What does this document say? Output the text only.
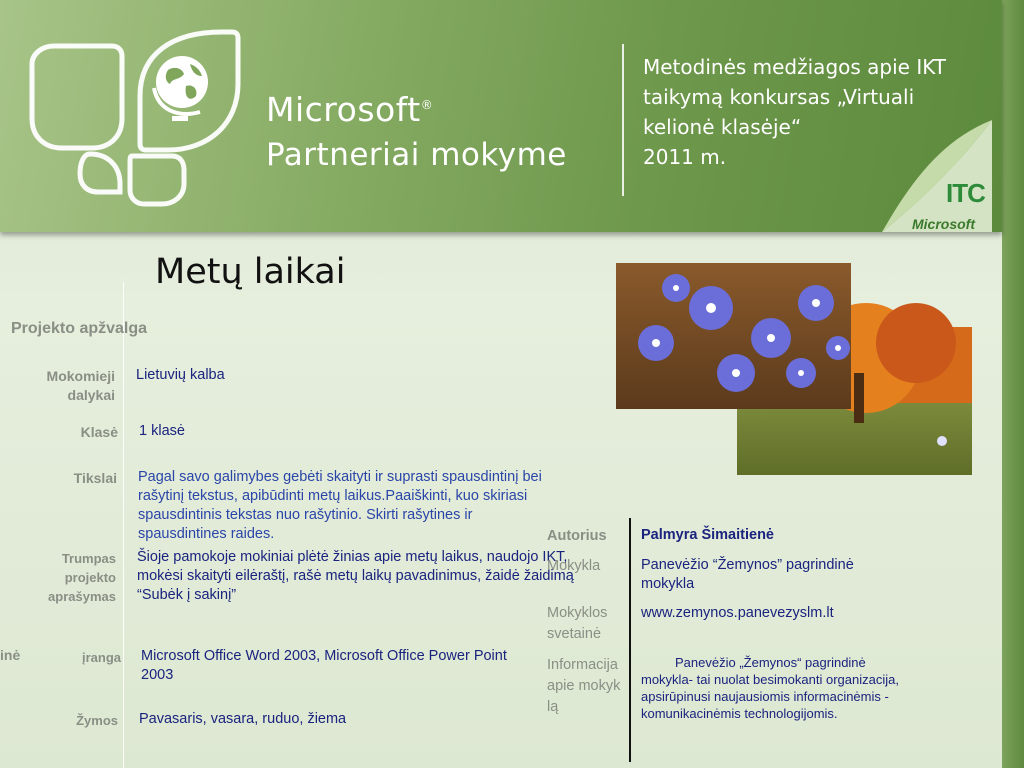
Microsoft®
Partneriai mokyme
Metodinės medžiagos apie IKT
taikymą konkursas „Virtuali
kelionė klasėje“
2011 m.
ITC
Microsoft
Metų laikai
Projekto apžvalga
Mokomieji dalykai
Lietuvių kalba
Klasė 1 klasė
Tikslai Pagal savo galimybes gebėti skaityti ir suprasti spausdintinį bei rašytinį tekstus, apibūdinti metų laikus.Paaiškinti, kuo skiriasi spausdintinis tekstas nuo rašytinio. Skirti rašytines ir spausdintines raides.
Trumpas projekto aprašymas
Šioje pamokoje mokiniai plėtė žinias apie metų laikus, naudojo IKT, mokėsi skaityti eilėraštį, rašė metų laikų pavadinimus, žaidė žaidimą “Subėk į sakinį”
inė	įranga Microsoft Office Word 2003, Microsoft Office Power Point 2003
Žymos Pavasaris, vasara, ruduo, žiema
Autorius Palmyra Šimaitienė
Mokykla	Panevėžio “Žemynos” pagrindinė mokykla
Mokyklos svetainė
www.zemynos.panevezyslm.lt
Informacija apie mokyklą
Panevėžio „Žemynos“ pagrindinė mokykla- tai nuolat besimokanti organizacija, apsirūpinusi naujausiomis informacinėmis - komunikacinėmis technologijomis.
